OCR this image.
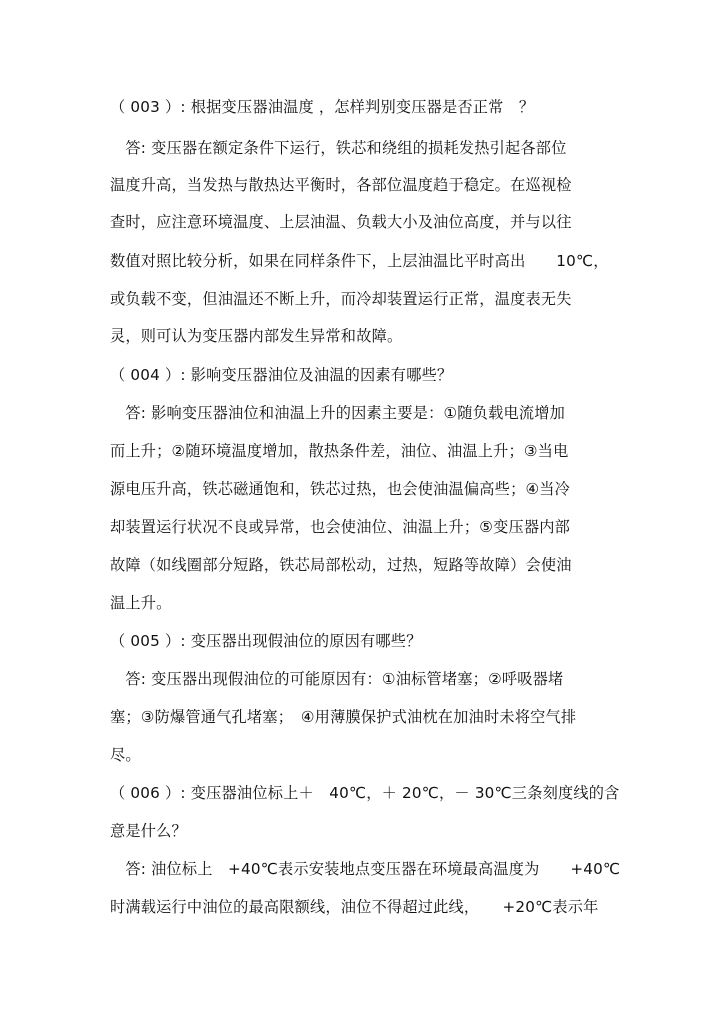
（ 003 ）: 根据变压器油温度 ，怎样判别变压器是否正常　？
　答: 变压器在额定条件下运行，铁芯和绕组的损耗发热引起各部位
温度升高，当发热与散热达平衡时，各部位温度趋于稳定。在巡视检
查时，应注意环境温度、上层油温、负载大小及油位高度，并与以往
数值对照比较分析，如果在同样条件下，上层油温比平时高出　　10℃，
或负载不变，但油温还不断上升，而冷却装置运行正常，温度表无失
灵，则可认为变压器内部发生异常和故障。
（ 004 ）: 影响变压器油位及油温的因素有哪些？
　答: 影响变压器油位和油温上升的因素主要是：①随负载电流增加
而上升；②随环境温度增加，散热条件差，油位、油温上升；③当电
源电压升高，铁芯磁通饱和，铁芯过热，也会使油温偏高些；④当冷
却装置运行状况不良或异常，也会使油位、油温上升；⑤变压器内部
故障（如线圈部分短路，铁芯局部松动，过热，短路等故障）会使油
温上升。
（ 005 ）: 变压器出现假油位的原因有哪些？
　答: 变压器出现假油位的可能原因有：①油标管堵塞；②呼吸器堵
塞；③防爆管通气孔堵塞；　④用薄膜保护式油枕在加油时未将空气排
尽。
（ 006 ）: 变压器油位标上＋　40℃，＋ 20℃，－ 30℃三条刻度线的含
意是什么？
　答: 油位标上　+40℃表示安装地点变压器在环境最高温度为　　+40℃
时满载运行中油位的最高限额线，油位不得超过此线，　　+20℃表示年
